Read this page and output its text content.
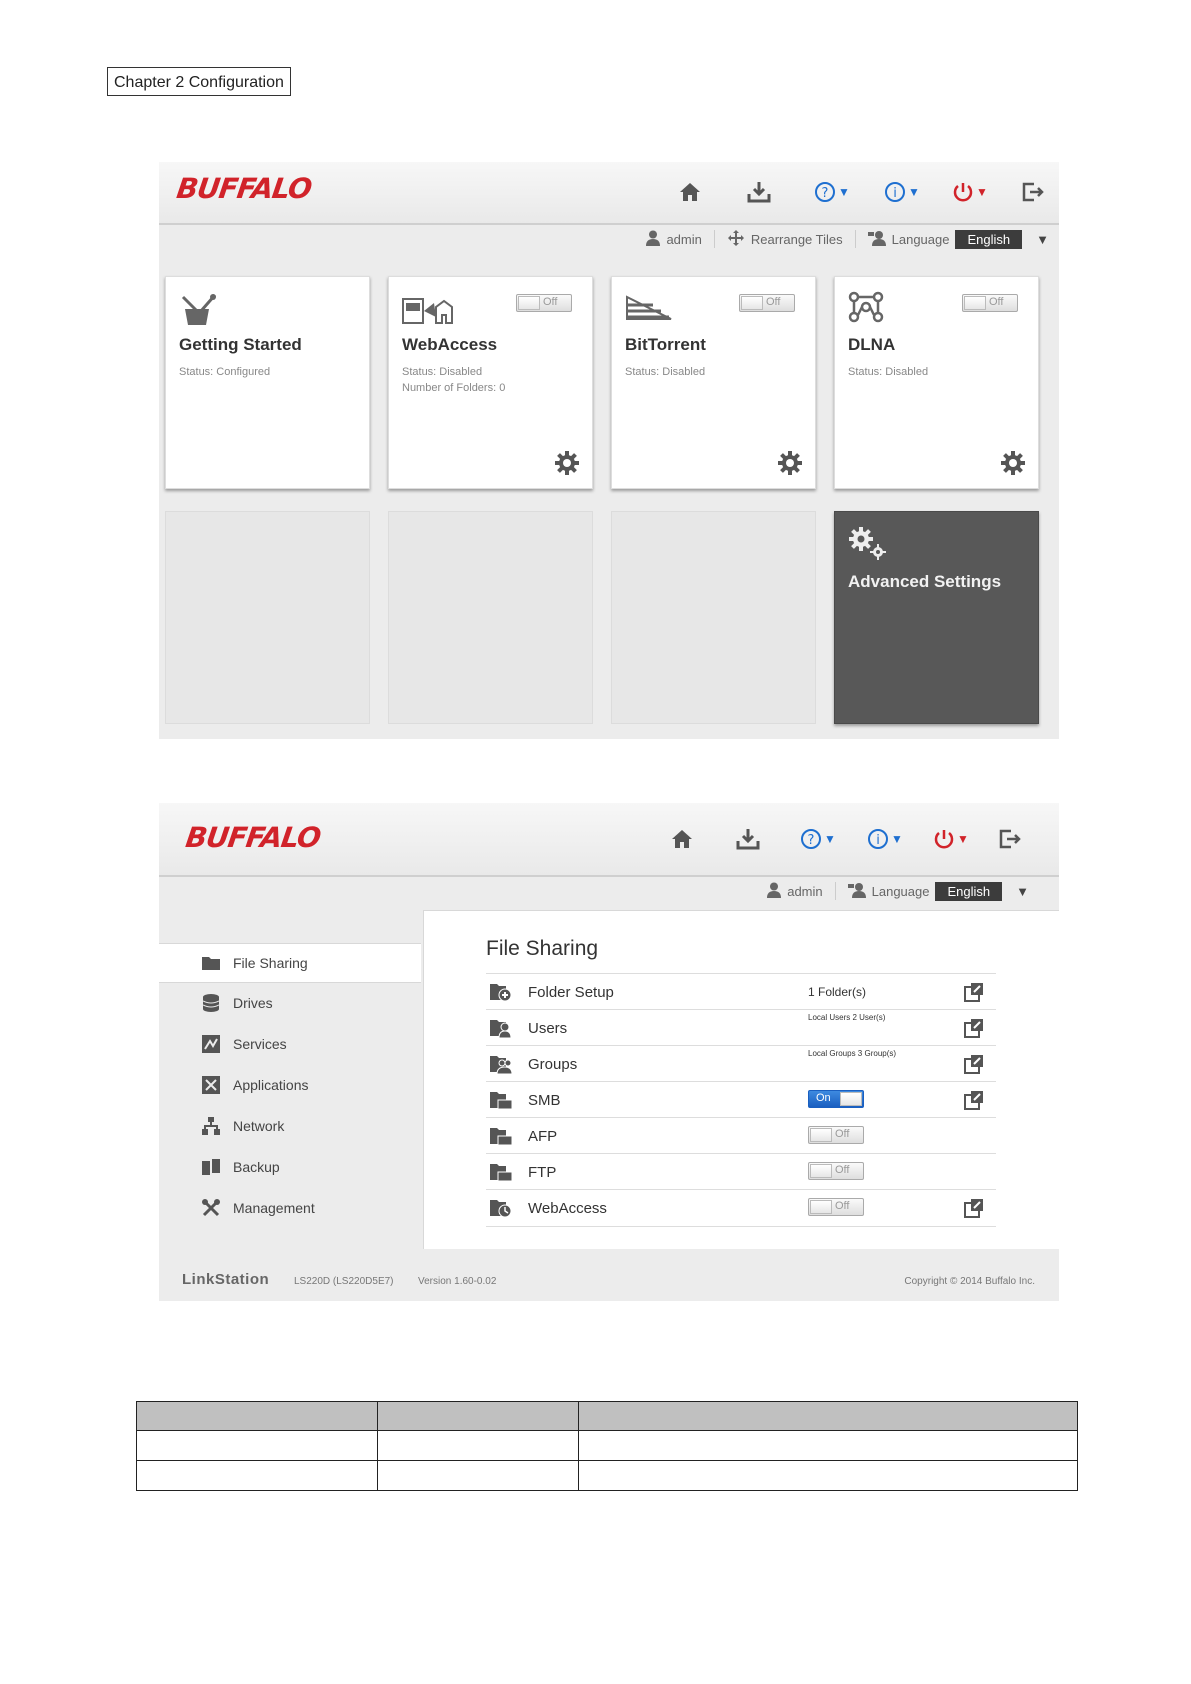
Chapter 2 Configuration
BUFFALO	? ▼	i ▼	▼
admin	Rearrange Tiles	Language	English	▼
Getting Started
Status: Configured
Off
WebAccess
Status: Disabled
Number of Folders: 0
Off
BitTorrent
Status: Disabled
Off
DLNA
Status: Disabled
Advanced Settings
BUFFALO	? ▼	i ▼	▼
admin	Language	English	▼
File Sharing
Drives
Services
Applications
Network
Backup
Management
File Sharing
Folder Setup	1 Folder(s)
Users
Local Users 2 User(s)
Groups
Local Groups 3 Group(s)
SMB	On
AFP	Off
FTP	Off
WebAccess	Off
LinkStation LS220D (LS220D5E7) Version 1.60-0.02	Copyright © 2014 Buffalo Inc.
